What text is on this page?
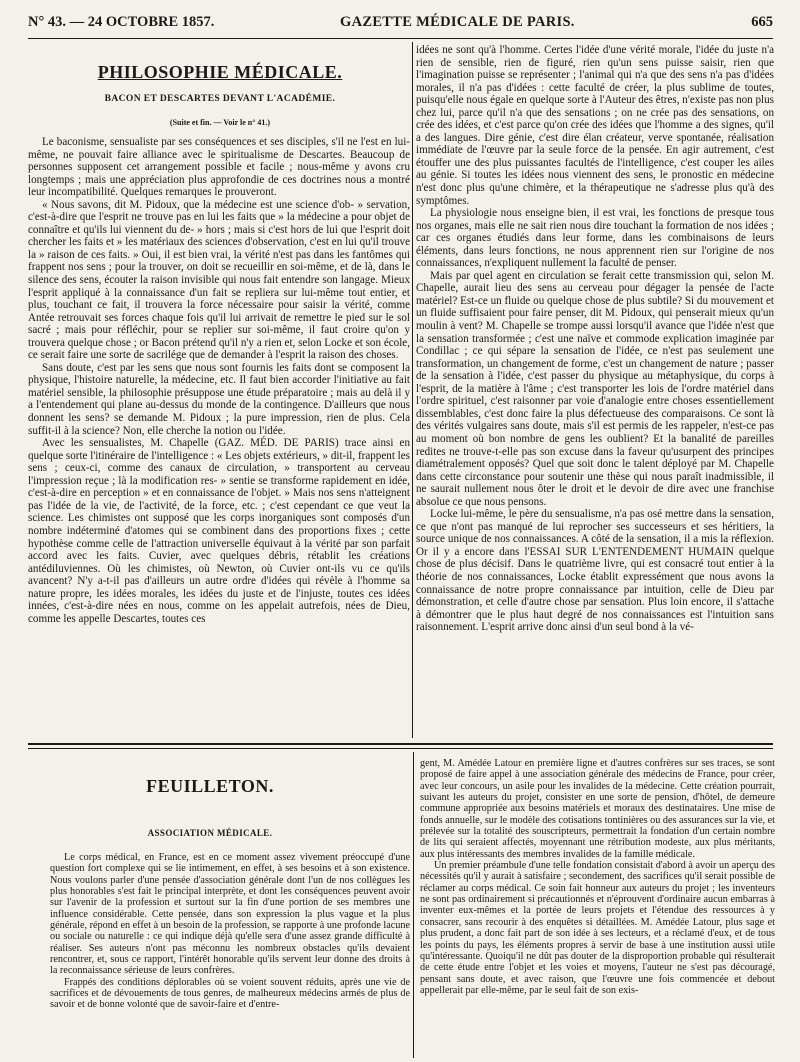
N° 43. — 24 OCTOBRE 1857.	GAZETTE MÉDICALE DE PARIS.	665
PHILOSOPHIE MÉDICALE.
BACON ET DESCARTES DEVANT L'ACADÉMIE.
(Suite et fin. — Voir le n° 41.)

Le baconisme, sensualiste par ses conséquences et ses disciples, s'il ne l'est en lui-même, ne pouvait faire alliance avec le spiritualisme de Descartes. Beaucoup de personnes supposent cet arrangement possible et facile ; nous-même y avons cru longtemps ; mais une appréciation plus approfondie de ces doctrines nous a montré leur incompatibilité. Quelques remarques le prouveront.

« Nous savons, dit M. Pidoux, que la médecine est une science d'ob- » servation, c'est-à-dire que l'esprit ne trouve pas en lui les faits que » la médecine a pour objet de connaître et qu'ils lui viennent du de- » hors ; mais si c'est hors de lui que l'esprit doit chercher les faits et » les matériaux des sciences d'observation, c'est en lui qu'il trouve la » raison de ces faits. » Oui, il est bien vrai, la vérité n'est pas dans les fantômes qui frappent nos sens ; pour la trouver, on doit se recueillir en soi-même, et de là, dans le silence des sens, écouter la raison invisible qui nous fait entendre son langage. Mieux l'esprit appliqué à la connaissance d'un fait se repliera sur lui-même tout entier, et plus, touchant ce fait, il trouvera la force nécessaire pour saisir la vérité, comme Antée retrouvait ses forces chaque fois qu'il lui arrivait de remettre le pied sur le sol sacré ; mais pour réfléchir, pour se replier sur soi-même, il faut croire qu'on y trouvera quelque chose ; or Bacon prétend qu'il n'y a rien et, selon Locke et son école, ce serait faire une sorte de sacrilége que de demander à l'esprit la raison des choses.

Sans doute, c'est par les sens que nous sont fournis les faits dont se composent la physique, l'histoire naturelle, la médecine, etc. Il faut bien accorder l'initiative au fait matériel sensible, la philosophie présuppose une étude préparatoire ; mais au delà il y a l'entendement qui plane au-dessus du monde de la contingence. D'ailleurs que nous donnent les sens? se demande M. Pidoux ; la pure impression, rien de plus. Cela suffit-il à la science? Non, elle cherche la notion ou l'idée.

Avec les sensualistes, M. Chapelle (GAZ. MÉD. DE PARIS) trace ainsi en quelque sorte l'itinéraire de l'intelligence : « Les objets extérieurs, » dit-il, frappent les sens ; ceux-ci, comme des canaux de circulation, » transportent au cerveau l'impression reçue ; là la modification res- » sentie se transforme rapidement en idée, c'est-à-dire en perception » et en connaissance de l'objet. » Mais nos sens n'atteignent pas l'idée de la vie, de l'activité, de la force, etc. ; c'est cependant ce que veut la science. Les chimistes ont supposé que les corps inorganiques sont composés d'un nombre indéterminé d'atomes qui se combinent dans des proportions fixes ; cette hypothèse comme celle de l'attraction universelle équivaut à la vérité par son parfait accord avec les faits. Cuvier, avec quelques débris, rétablit les créations antédiluviennes. Où les chimistes, où Newton, où Cuvier ont-ils vu ce qu'ils avancent? N'y a-t-il pas d'ailleurs un autre ordre d'idées qui révèle à l'homme sa nature propre, les idées morales, les idées du juste et de l'injuste, toutes ces idées innées, c'est-à-dire nées en nous, comme on les appelait autrefois, nées de Dieu, comme les appelle Descartes, toutes ces

idées ne sont qu'à l'homme. Certes l'idée d'une vérité morale, l'idée du juste n'a rien de sensible, rien de figuré, rien qu'un sens puisse saisir, rien que l'imagination puisse se représenter ; l'animal qui n'a que des sens n'a pas d'idées morales, il n'a pas d'idées : cette faculté de créer, la plus sublime de toutes, puisqu'elle nous égale en quelque sorte à l'Auteur des êtres, n'existe pas non plus chez lui, parce qu'il n'a que des sensations ; on ne crée pas des sensations, on crée des idées, et c'est parce qu'on crée des idées que l'homme a des signes, qu'il a des langues. Dire génie, c'est dire élan créateur, verve spontanée, réalisation immédiate de l'œuvre par la seule force de la pensée. En agir autrement, c'est étouffer une des plus puissantes facultés de l'intelligence, c'est couper les ailes au génie. Si toutes les idées nous viennent des sens, le pronostic en médecine n'est donc plus qu'une chimère, et la thérapeutique ne s'adresse plus qu'à des symptômes.

La physiologie nous enseigne bien, il est vrai, les fonctions de presque tous nos organes, mais elle ne sait rien nous dire touchant la formation de nos idées ; car ces organes étudiés dans leur forme, dans les combinaisons de leurs éléments, dans leurs fonctions, ne nous apprennent rien sur l'origine de nos connaissances, n'expliquent nullement la faculté de penser.

Mais par quel agent en circulation se ferait cette transmission qui, selon M. Chapelle, aurait lieu des sens au cerveau pour dégager la pensée de l'acte matériel? Est-ce un fluide ou quelque chose de plus subtile? Si du mouvement et un fluide suffisaient pour faire penser, dit M. Pidoux, qui penserait mieux qu'un moulin à vent? M. Chapelle se trompe aussi lorsqu'il avance que l'idée n'est que la sensation transformée ; c'est une naïve et commode explication imaginée par Condillac ; ce qui sépare la sensation de l'idée, ce n'est pas seulement une transformation, un changement de forme, c'est un changement de nature ; passer de la sensation à l'idée, c'est passer du physique au métaphysique, du corps à l'esprit, de la matière à l'âme ; c'est transporter les lois de l'ordre matériel dans l'ordre spirituel, c'est raisonner par voie d'analogie entre choses essentiellement dissemblables, c'est donc faire la plus défectueuse des comparaisons. Ce sont là des vérités vulgaires sans doute, mais s'il est permis de les rappeler, n'est-ce pas au moment où bon nombre de gens les oublient? Et la banalité de pareilles redites ne trouve-t-elle pas son excuse dans la faveur qu'usurpent des principes diamétralement opposés? Quel que soit donc le talent déployé par M. Chapelle dans cette circonstance pour soutenir une thèse qui nous paraît inadmissible, il ne saurait nullement nous ôter le droit et le devoir de dire avec une franchise absolue ce que nous pensons.

Locke lui-même, le père du sensualisme, n'a pas osé mettre dans la sensation, ce que n'ont pas manqué de lui reprocher ses successeurs et ses héritiers, la source unique de nos connaissances. A côté de la sensation, il a mis la réflexion. Or il y a encore dans l'ESSAI SUR L'ENTENDEMENT HUMAIN quelque chose de plus décisif. Dans le quatrième livre, qui est consacré tout entier à la théorie de nos connaissances, Locke établit expressément que nous avons la connaissance de notre propre connaissance par intuition, celle de Dieu par démonstration, et celle d'autre chose par sensation. Plus loin encore, il s'attache à démontrer que le plus haut degré de nos connaissances est l'intuition sans raisonnement. L'esprit arrive donc ainsi d'un seul bond à la vé-

FEUILLETON.
ASSOCIATION MÉDICALE.

Le corps médical, en France, est en ce moment assez vivement préoccupé d'une question fort complexe qui se lie intimement, en effet, à ses besoins et à son existence. Nous voulons parler d'une pensée d'association générale dont l'un de nos collègues les plus honorables s'est fait le principal interprète, et dont les conséquences peuvent avoir sur l'avenir de la profession et surtout sur la fin d'une portion de ses membres une influence considérable. Cette pensée, dans son expression la plus vague et la plus générale, répond en effet à un besoin de la profession, se rapporte à une profonde lacune ou sociale ou naturelle : ce qui indique déjà qu'elle sera d'une assez grande difficulté à réaliser. Ses auteurs n'ont pas méconnu les nombreux obstacles qu'ils devaient rencontrer, et, sous ce rapport, l'intérêt honorable qu'ils servent leur donne des droits à la reconnaissance sérieuse de leurs confrères.

Frappés des conditions déplorables où se voient souvent réduits, après une vie de sacrifices et de dévouements de tous genres, de malheureux médecins armés de plus de savoir et de bonne volonté que de savoir-faire et d'entre-

gent, M. Amédée Latour en première ligne et d'autres confrères sur ses traces, se sont proposé de faire appel à une association générale des médecins de France, pour créer, avec leur concours, un asile pour les invalides de la médecine. Cette création pourrait, suivant les auteurs du projet, consister en une sorte de pension, d'hôtel, de demeure commune appropriée aux besoins matériels et moraux des destinataires. Une mise de fonds annuelle, sur le modèle des cotisations tontinières ou des assurances sur la vie, et prélevée sur la totalité des souscripteurs, permettrait la fondation d'un certain nombre de lits qui seraient affectés, moyennant une rétribution modeste, aux plus méritants, aux plus intéressants des membres invalides de la famille médicale.

Un premier préambule d'une telle fondation consistait d'abord à avoir un aperçu des nécessités qu'il y aurait à satisfaire ; secondement, des sacrifices qu'il serait possible de réclamer au corps médical. Ce soin fait honneur aux auteurs du projet ; les inventeurs ne sont pas ordinairement si précautionnés et n'éprouvent d'ordinaire aucun embarras à inventer eux-mêmes et la portée de leurs projets et l'étendue des ressources à y consacrer, sans recourir à des enquêtes si détaillées. M. Amédée Latour, plus sage et plus prudent, a donc fait part de son idée à ses lecteurs, et a réclamé d'eux, et de tous les points du pays, les éléments propres à servir de base à une institution aussi utile qu'intéressante. Quoiqu'il ne dût pas douter de la disproportion probable qui résulterait de cette étude entre l'objet et les voies et moyens, l'auteur ne s'est pas découragé, pensant sans doute, et avec raison, que l'œuvre une fois commencée et debout appellerait par elle-même, par le seul fait de son exis-
